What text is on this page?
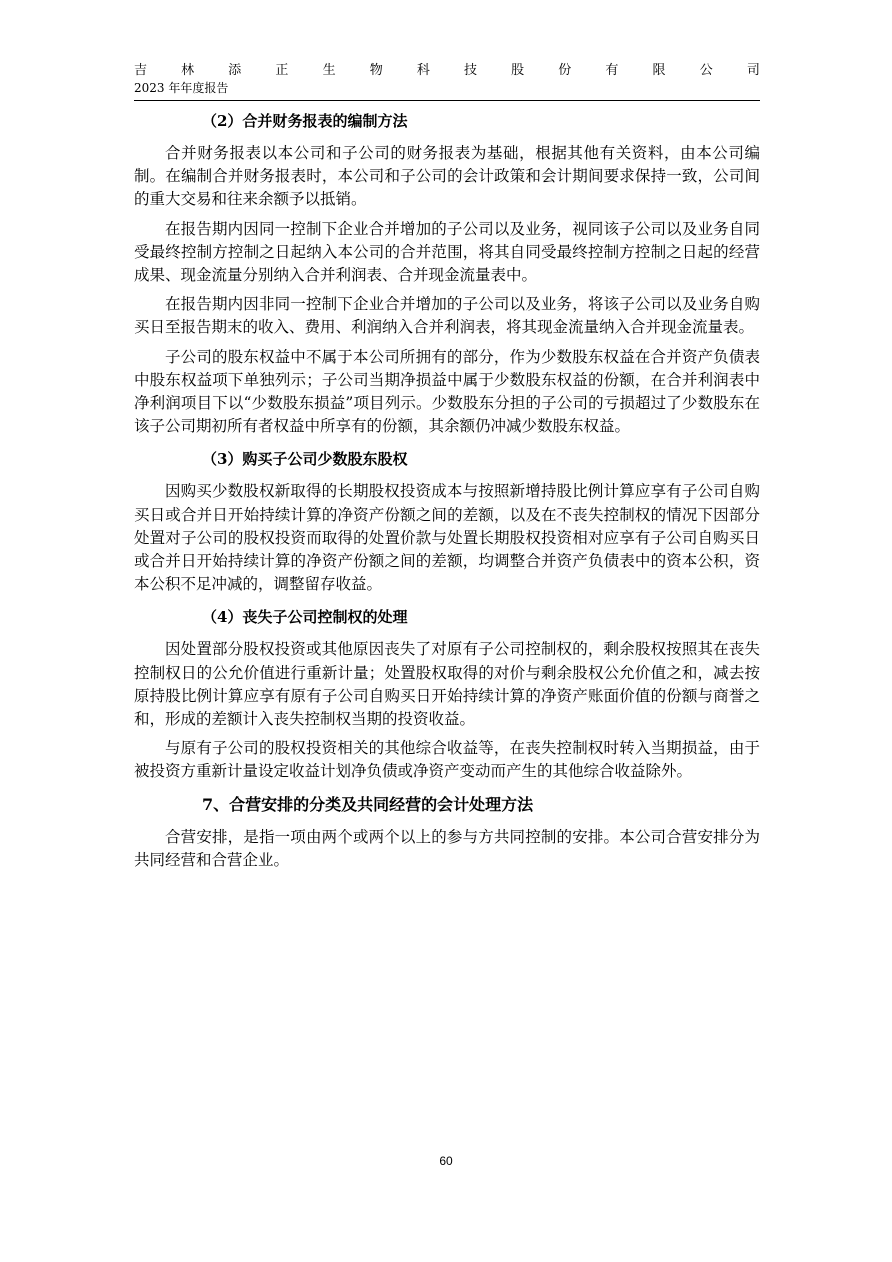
吉	林	添	正	生	物	科	技	股	份	有	限	公	司
2023 年年度报告
（2）合并财务报表的编制方法

合并财务报表以本公司和子公司的财务报表为基础，根据其他有关资料，由本公司编制。在编制合并财务报表时，本公司和子公司的会计政策和会计期间要求保持一致，公司间的重大交易和往来余额予以抵销。

在报告期内因同一控制下企业合并增加的子公司以及业务，视同该子公司以及业务自同受最终控制方控制之日起纳入本公司的合并范围，将其自同受最终控制方控制之日起的经营成果、现金流量分别纳入合并利润表、合并现金流量表中。

在报告期内因非同一控制下企业合并增加的子公司以及业务，将该子公司以及业务自购买日至报告期末的收入、费用、利润纳入合并利润表，将其现金流量纳入合并现金流量表。

子公司的股东权益中不属于本公司所拥有的部分，作为少数股东权益在合并资产负债表中股东权益项下单独列示；子公司当期净损益中属于少数股东权益的份额，在合并利润表中净利润项目下以“少数股东损益”项目列示。少数股东分担的子公司的亏损超过了少数股东在该子公司期初所有者权益中所享有的份额，其余额仍冲减少数股东权益。

（3）购买子公司少数股东股权

因购买少数股权新取得的长期股权投资成本与按照新增持股比例计算应享有子公司自购买日或合并日开始持续计算的净资产份额之间的差额，以及在不丧失控制权的情况下因部分处置对子公司的股权投资而取得的处置价款与处置长期股权投资相对应享有子公司自购买日或合并日开始持续计算的净资产份额之间的差额，均调整合并资产负债表中的资本公积，资本公积不足冲减的，调整留存收益。

（4）丧失子公司控制权的处理

因处置部分股权投资或其他原因丧失了对原有子公司控制权的，剩余股权按照其在丧失控制权日的公允价值进行重新计量；处置股权取得的对价与剩余股权公允价值之和，减去按原持股比例计算应享有原有子公司自购买日开始持续计算的净资产账面价值的份额与商誉之和，形成的差额计入丧失控制权当期的投资收益。

与原有子公司的股权投资相关的其他综合收益等，在丧失控制权时转入当期损益，由于被投资方重新计量设定收益计划净负债或净资产变动而产生的其他综合收益除外。

7、合营安排的分类及共同经营的会计处理方法

合营安排，是指一项由两个或两个以上的参与方共同控制的安排。本公司合营安排分为共同经营和合营企业。

60
